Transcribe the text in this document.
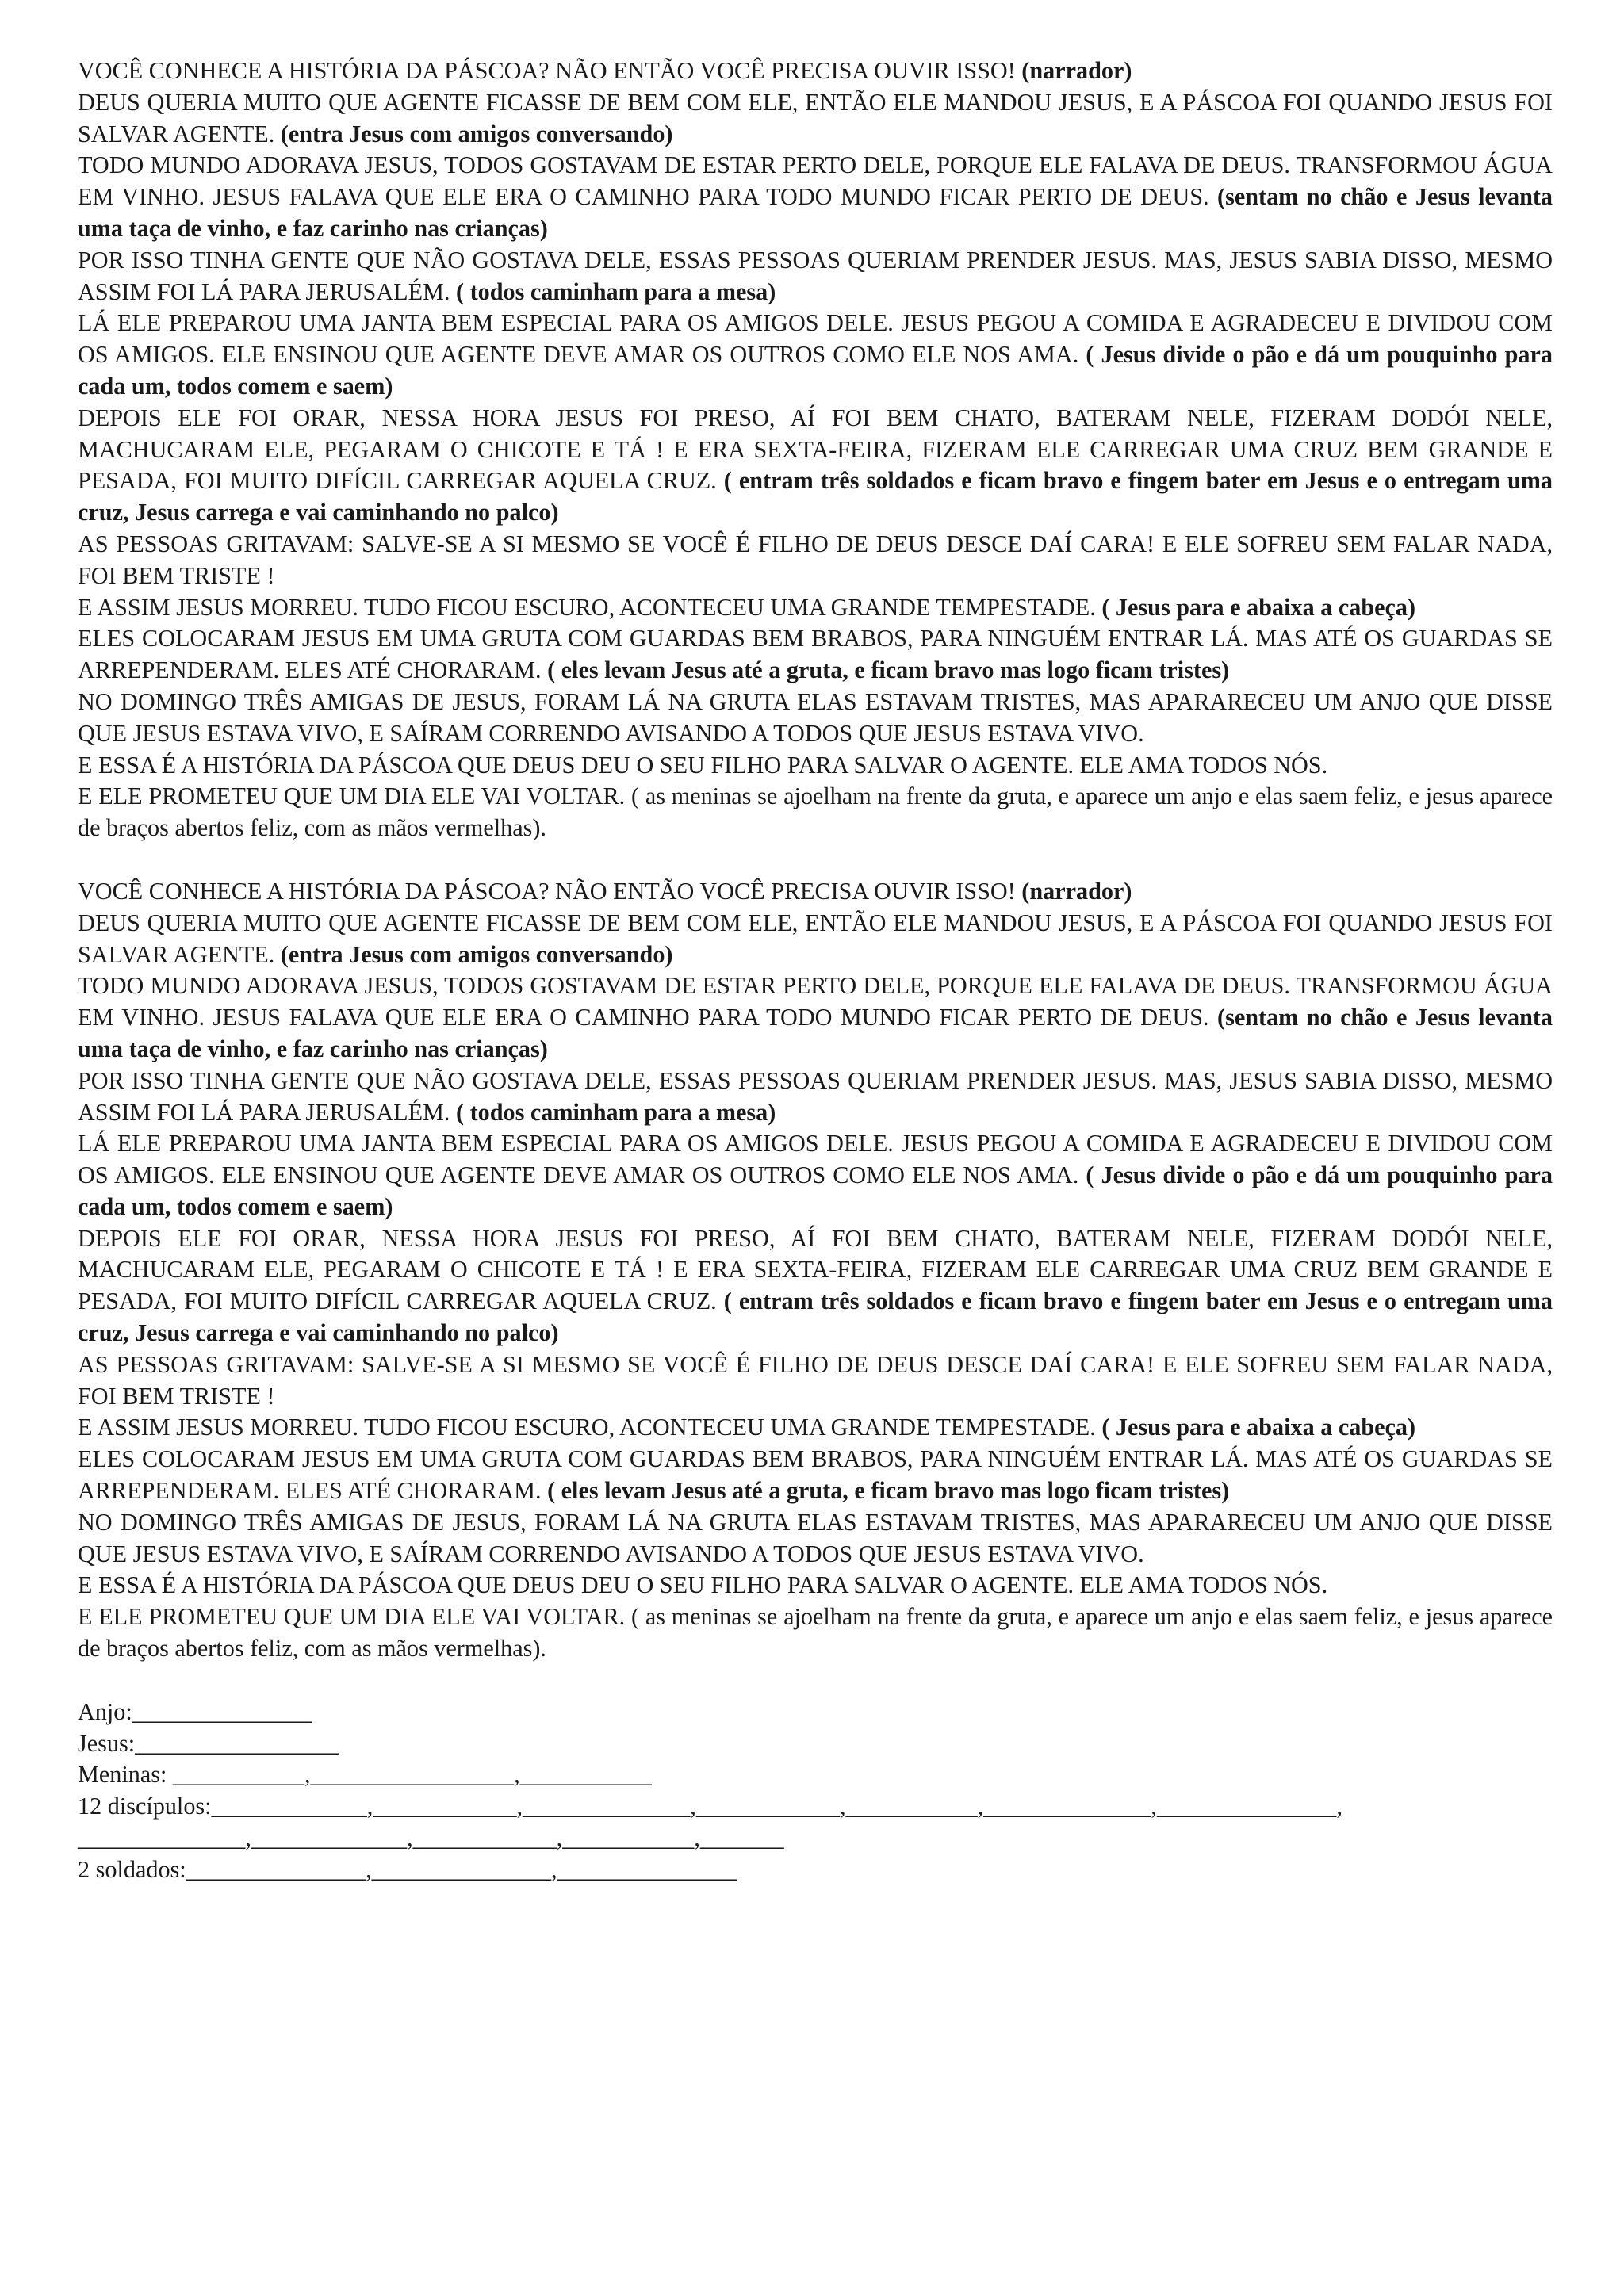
VOCÊ CONHECE A HISTÓRIA DA PÁSCOA? NÃO ENTÃO VOCÊ PRECISA OUVIR ISSO! (narrador)

DEUS QUERIA MUITO QUE AGENTE FICASSE DE BEM COM ELE, ENTÃO ELE MANDOU JESUS, E A PÁSCOA FOI QUANDO JESUS FOI SALVAR AGENTE. (entra Jesus com amigos conversando)

TODO MUNDO ADORAVA JESUS, TODOS GOSTAVAM DE ESTAR PERTO DELE, PORQUE ELE FALAVA DE DEUS. TRANSFORMOU ÁGUA EM VINHO. JESUS FALAVA QUE ELE ERA O CAMINHO PARA TODO MUNDO FICAR PERTO DE DEUS. (sentam no chão e Jesus levanta uma taça de vinho, e faz carinho nas crianças)

POR ISSO TINHA GENTE QUE NÃO GOSTAVA DELE, ESSAS PESSOAS QUERIAM PRENDER JESUS. MAS, JESUS SABIA DISSO, MESMO ASSIM FOI LÁ PARA JERUSALÉM. ( todos caminham para a mesa)

LÁ ELE PREPAROU UMA JANTA BEM ESPECIAL PARA OS AMIGOS DELE. JESUS PEGOU A COMIDA E AGRADECEU E DIVIDOU COM OS AMIGOS. ELE ENSINOU QUE AGENTE DEVE AMAR OS OUTROS COMO ELE NOS AMA. ( Jesus divide o pão e dá um pouquinho para cada um, todos comem e saem)

DEPOIS ELE FOI ORAR, NESSA HORA JESUS FOI PRESO, AÍ FOI BEM CHATO, BATERAM NELE, FIZERAM DODÓI NELE, MACHUCARAM ELE, PEGARAM O CHICOTE E TÁ ! E ERA SEXTA-FEIRA, FIZERAM ELE CARREGAR UMA CRUZ BEM GRANDE E PESADA, FOI MUITO DIFÍCIL CARREGAR AQUELA CRUZ. ( entram três soldados e ficam bravo e fingem bater em Jesus e o entregam uma cruz, Jesus carrega e vai caminhando no palco)

AS PESSOAS GRITAVAM: SALVE-SE A SI MESMO SE VOCÊ É FILHO DE DEUS DESCE DAÍ CARA! E ELE SOFREU SEM FALAR NADA, FOI BEM TRISTE !

E ASSIM JESUS MORREU. TUDO FICOU ESCURO, ACONTECEU UMA GRANDE TEMPESTADE. ( Jesus para e abaixa a cabeça)

ELES COLOCARAM JESUS EM UMA GRUTA COM GUARDAS BEM BRABOS, PARA NINGUÉM ENTRAR LÁ. MAS ATÉ OS GUARDAS SE ARREPENDERAM. ELES ATÉ CHORARAM. ( eles levam Jesus até a gruta, e ficam bravo mas logo ficam tristes)

NO DOMINGO TRÊS AMIGAS DE JESUS, FORAM LÁ NA GRUTA ELAS ESTAVAM TRISTES, MAS APARARECEU UM ANJO QUE DISSE QUE JESUS ESTAVA VIVO, E SAÍRAM CORRENDO AVISANDO A TODOS QUE JESUS ESTAVA VIVO.

E ESSA É A HISTÓRIA DA PÁSCOA QUE DEUS DEU O SEU FILHO PARA SALVAR O AGENTE. ELE AMA TODOS NÓS.

E ELE PROMETEU QUE UM DIA ELE VAI VOLTAR. ( as meninas se ajoelham na frente da gruta, e aparece um anjo e elas saem feliz, e jesus aparece de braços abertos feliz, com as mãos vermelhas).

VOCÊ CONHECE A HISTÓRIA DA PÁSCOA? NÃO ENTÃO VOCÊ PRECISA OUVIR ISSO! (narrador)

DEUS QUERIA MUITO QUE AGENTE FICASSE DE BEM COM ELE, ENTÃO ELE MANDOU JESUS, E A PÁSCOA FOI QUANDO JESUS FOI SALVAR AGENTE. (entra Jesus com amigos conversando)

TODO MUNDO ADORAVA JESUS, TODOS GOSTAVAM DE ESTAR PERTO DELE, PORQUE ELE FALAVA DE DEUS. TRANSFORMOU ÁGUA EM VINHO. JESUS FALAVA QUE ELE ERA O CAMINHO PARA TODO MUNDO FICAR PERTO DE DEUS. (sentam no chão e Jesus levanta uma taça de vinho, e faz carinho nas crianças)

POR ISSO TINHA GENTE QUE NÃO GOSTAVA DELE, ESSAS PESSOAS QUERIAM PRENDER JESUS. MAS, JESUS SABIA DISSO, MESMO ASSIM FOI LÁ PARA JERUSALÉM. ( todos caminham para a mesa)

LÁ ELE PREPAROU UMA JANTA BEM ESPECIAL PARA OS AMIGOS DELE. JESUS PEGOU A COMIDA E AGRADECEU E DIVIDOU COM OS AMIGOS. ELE ENSINOU QUE AGENTE DEVE AMAR OS OUTROS COMO ELE NOS AMA. ( Jesus divide o pão e dá um pouquinho para cada um, todos comem e saem)

DEPOIS ELE FOI ORAR, NESSA HORA JESUS FOI PRESO, AÍ FOI BEM CHATO, BATERAM NELE, FIZERAM DODÓI NELE, MACHUCARAM ELE, PEGARAM O CHICOTE E TÁ ! E ERA SEXTA-FEIRA, FIZERAM ELE CARREGAR UMA CRUZ BEM GRANDE E PESADA, FOI MUITO DIFÍCIL CARREGAR AQUELA CRUZ. ( entram três soldados e ficam bravo e fingem bater em Jesus e o entregam uma cruz, Jesus carrega e vai caminhando no palco)

AS PESSOAS GRITAVAM: SALVE-SE A SI MESMO SE VOCÊ É FILHO DE DEUS DESCE DAÍ CARA! E ELE SOFREU SEM FALAR NADA, FOI BEM TRISTE !

E ASSIM JESUS MORREU. TUDO FICOU ESCURO, ACONTECEU UMA GRANDE TEMPESTADE. ( Jesus para e abaixa a cabeça)

ELES COLOCARAM JESUS EM UMA GRUTA COM GUARDAS BEM BRABOS, PARA NINGUÉM ENTRAR LÁ. MAS ATÉ OS GUARDAS SE ARREPENDERAM. ELES ATÉ CHORARAM. ( eles levam Jesus até a gruta, e ficam bravo mas logo ficam tristes)

NO DOMINGO TRÊS AMIGAS DE JESUS, FORAM LÁ NA GRUTA ELAS ESTAVAM TRISTES, MAS APARARECEU UM ANJO QUE DISSE QUE JESUS ESTAVA VIVO, E SAÍRAM CORRENDO AVISANDO A TODOS QUE JESUS ESTAVA VIVO.

E ESSA É A HISTÓRIA DA PÁSCOA QUE DEUS DEU O SEU FILHO PARA SALVAR O AGENTE. ELE AMA TODOS NÓS.

E ELE PROMETEU QUE UM DIA ELE VAI VOLTAR. ( as meninas se ajoelham na frente da gruta, e aparece um anjo e elas saem feliz, e jesus aparece de braços abertos feliz, com as mãos vermelhas).

Anjo:_______________

Jesus:_________________

Meninas: ___________,_________________,___________

12 discípulos:_____________,____________,______________,____________,___________,______________,_______________,

______________,_____________,____________,___________,_______

2 soldados:_______________,_______________,_______________
